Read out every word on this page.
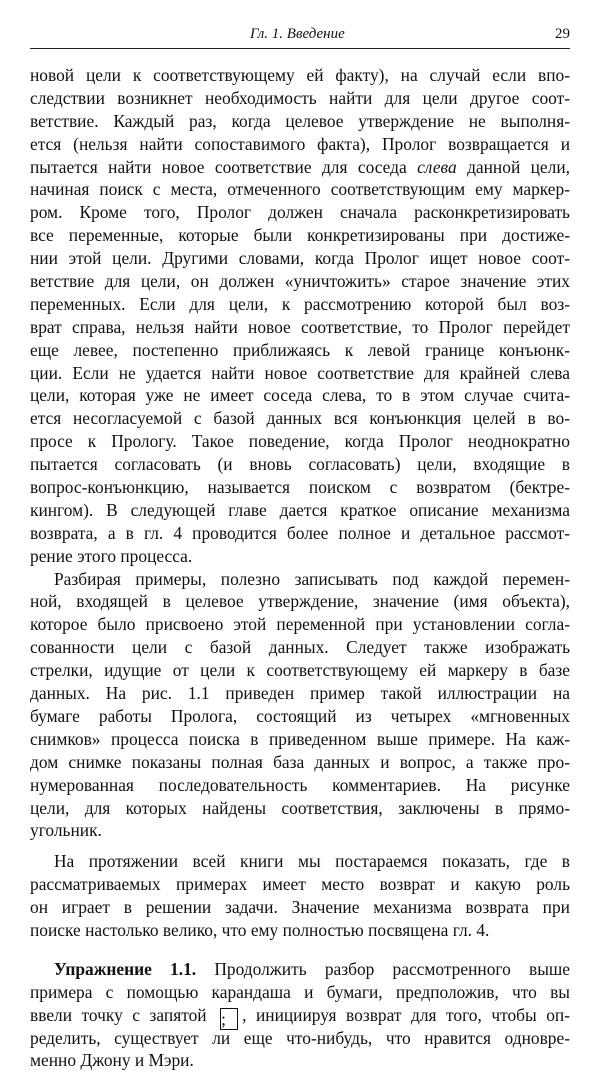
Гл. 1. Введение	29
новой цели к соответствующему ей факту), на случай если впо-
следствии возникнет необходимость найти для цели другое соот-
ветствие. Каждый раз, когда целевое утверждение не выполня-
ется (нельзя найти сопоставимого факта), Пролог возвращается и
пытается найти новое соответствие для соседа слева данной цели,
начиная поиск с места, отмеченного соответствующим ему маркер-
ром. Кроме того, Пролог должен сначала расконкретизировать
все переменные, которые были конкретизированы при достиже-
нии этой цели. Другими словами, когда Пролог ищет новое соот-
ветствие для цели, он должен «уничтожить» старое значение этих
переменных. Если для цели, к рассмотрению которой был воз-
врат справа, нельзя найти новое соответствие, то Пролог перейдет
еще левее, постепенно приближаясь к левой границе конъюнк-
ции. Если не удается найти новое соответствие для крайней слева
цели, которая уже не имеет соседа слева, то в этом случае счита-
ется несогласуемой с базой данных вся конъюнкция целей в во-
просе к Прологу. Такое поведение, когда Пролог неоднократно
пытается согласовать (и вновь согласовать) цели, входящие в
вопрос-конъюнкцию, называется поиском с возвратом (бектре-
кингом). В следующей главе дается краткое описание механизма
возврата, а в гл. 4 проводится более полное и детальное рассмот-
рение этого процесса.
Разбирая примеры, полезно записывать под каждой перемен-
ной, входящей в целевое утверждение, значение (имя объекта),
которое было присвоено этой переменной при установлении согла-
сованности цели с базой данных. Следует также изображать
стрелки, идущие от цели к соответствующему ей маркеру в базе
данных. На рис. 1.1 приведен пример такой иллюстрации на
бумаге работы Пролога, состоящий из четырех «мгновенных
снимков» процесса поиска в приведенном выше примере. На каж-
дом снимке показаны полная база данных и вопрос, а также про-
нумерованная последовательность комментариев. На рисунке
цели, для которых найдены соответствия, заключены в прямо-
угольник.
На протяжении всей книги мы постараемся показать, где в
рассматриваемых примерах имеет место возврат и какую роль
он играет в решении задачи. Значение механизма возврата при
поиске настолько велико, что ему полностью посвящена гл. 4.
Упражнение 1.1. Продолжить разбор рассмотренного выше
примера с помощью карандаша и бумаги, предположив, что вы
ввели точку с запятой ; , инициируя возврат для того, чтобы оп-
ределить, существует ли еще что-нибудь, что нравится одновре-
менно Джону и Мэри.
